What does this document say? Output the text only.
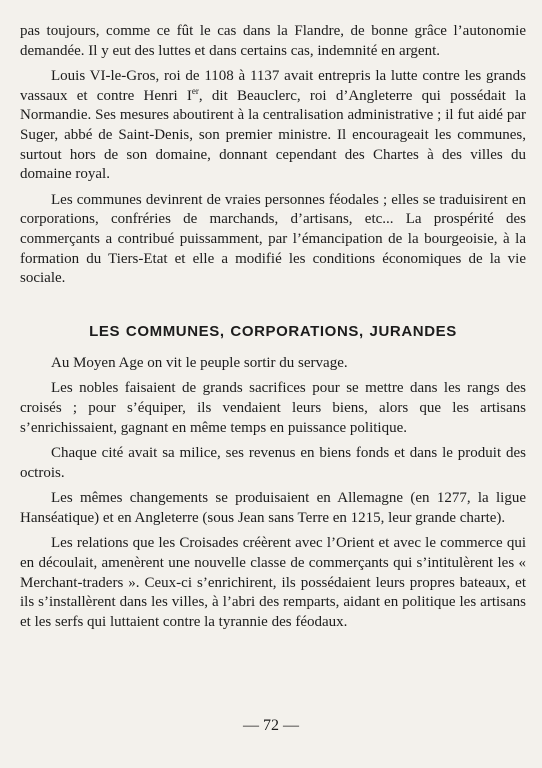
pas toujours, comme ce fût le cas dans la Flandre, de bonne grâce l’autonomie demandée. Il y eut des luttes et dans certains cas, indemnité en argent.

Louis VI-le-Gros, roi de 1108 à 1137 avait entrepris la lutte contre les grands vassaux et contre Henri Ier, dit Beauclerc, roi d’Angleterre qui possédait la Normandie. Ses mesures aboutirent à la centralisation administrative ; il fut aidé par Suger, abbé de Saint-Denis, son premier ministre. Il encourageait les communes, surtout hors de son domaine, donnant cependant des Chartes à des villes du domaine royal.

Les communes devinrent de vraies personnes féodales ; elles se traduisirent en corporations, confréries de marchands, d’artisans, etc... La prospérité des commerçants a contribué puissamment, par l’émancipation de la bourgeoisie, à la formation du Tiers-Etat et elle a modifié les conditions économiques de la vie sociale.

LES COMMUNES, CORPORATIONS, JURANDES

Au Moyen Age on vit le peuple sortir du servage.

Les nobles faisaient de grands sacrifices pour se mettre dans les rangs des croisés ; pour s’équiper, ils vendaient leurs biens, alors que les artisans s’enrichissaient, gagnant en même temps en puissance politique.

Chaque cité avait sa milice, ses revenus en biens fonds et dans le produit des octrois.

Les mêmes changements se produisaient en Allemagne (en 1277, la ligue Hanséatique) et en Angleterre (sous Jean sans Terre en 1215, leur grande charte).

Les relations que les Croisades créèrent avec l’Orient et avec le commerce qui en découlait, amenèrent une nouvelle classe de commerçants qui s’intitulèrent les « Merchant-traders ». Ceux-ci s’enrichirent, ils possédaient leurs propres bateaux, et ils s’installèrent dans les villes, à l’abri des remparts, aidant en politique les artisans et les serfs qui luttaient contre la tyrannie des féodaux.

— 72 —
